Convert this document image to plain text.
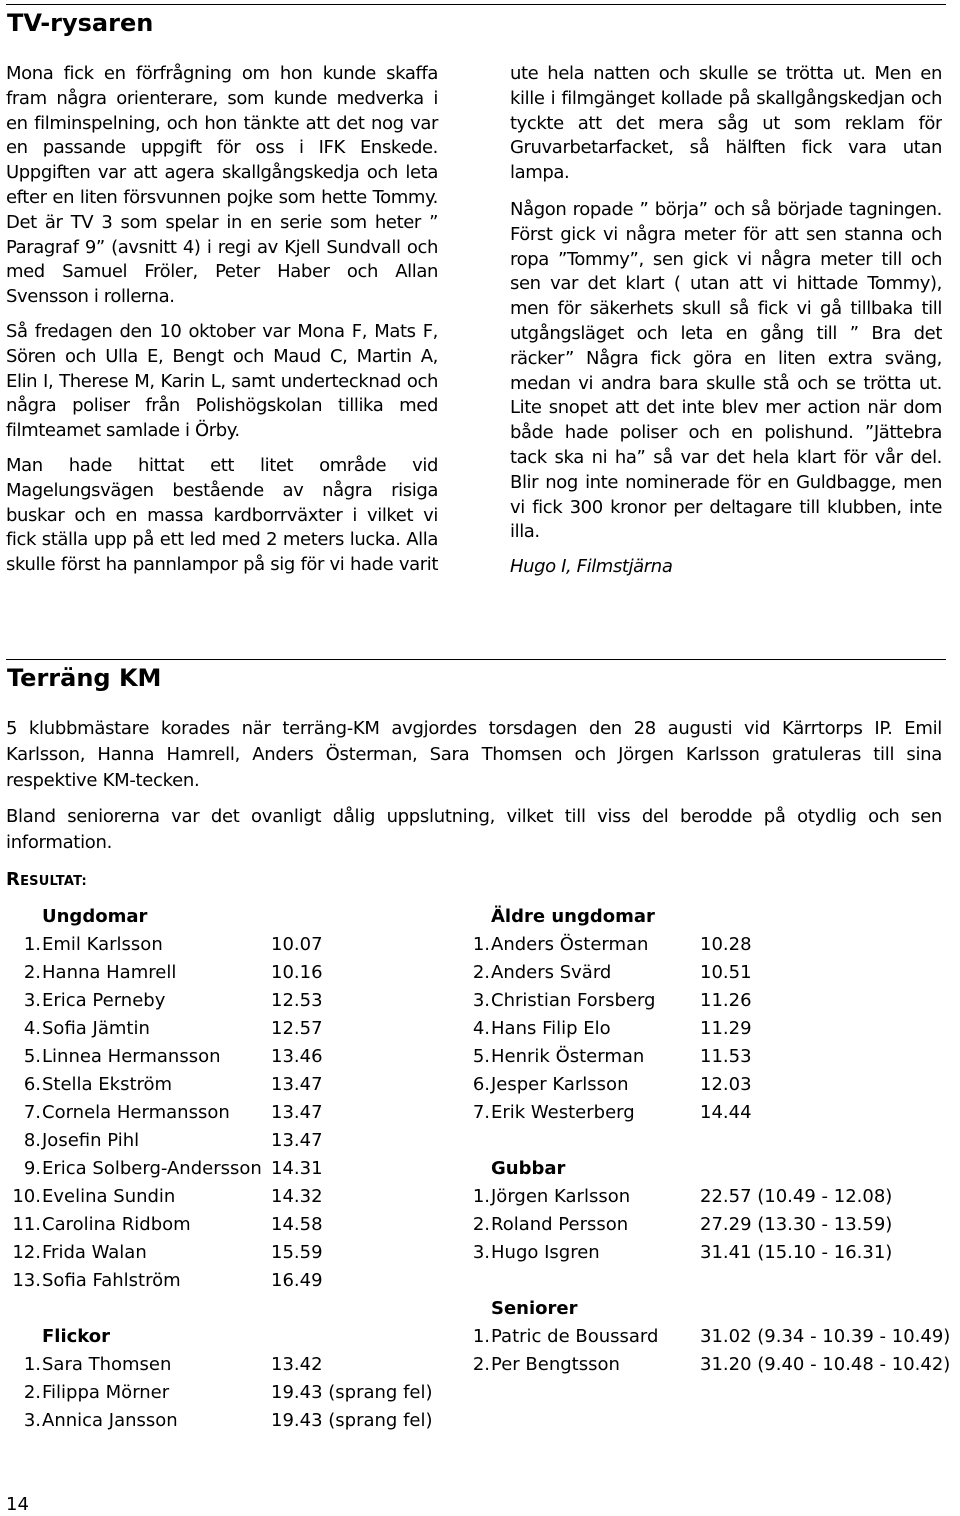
TV-rysaren

Mona fick en förfrågning om hon kunde skaffa fram några orienterare, som kunde medverka i en filminspelning, och hon tänkte att det nog var en passande uppgift för oss i IFK Enskede. Uppgiften var att agera skallgångskedja och leta efter en liten försvunnen pojke som hette Tommy. Det är TV 3 som spelar in en serie som heter ” Paragraf 9” (avsnitt 4) i regi av Kjell Sundvall och med Samuel Fröler, Peter Haber och Allan Svensson i rollerna.

Så fredagen den 10 oktober var Mona F, Mats F, Sören och Ulla E, Bengt och Maud C, Martin A, Elin I, Therese M, Karin L, samt undertecknad och några poliser från Polishögskolan tillika med filmteamet samlade i Örby.

Man hade hittat ett litet område vid Magelungsvägen bestående av några risiga buskar och en massa kardborrväxter i vilket vi fick ställa upp på ett led med 2 meters lucka. Alla skulle först ha pannlampor på sig för vi hade varit

ute hela natten och skulle se trötta ut. Men en kille i filmgänget kollade på skallgångskedjan och tyckte att det mera såg ut som reklam för Gruvarbetarfacket, så hälften fick vara utan lampa.

Någon ropade ” börja” och så började tagningen. Först gick vi några meter för att sen stanna och ropa ”Tommy”, sen gick vi några meter till och sen var det klart ( utan att vi hittade Tommy), men för säkerhets skull så fick vi gå tillbaka till utgångsläget och leta en gång till ” Bra det räcker” Några fick göra en liten extra sväng, medan vi andra bara skulle stå och se trötta ut. Lite snopet att det inte blev mer action när dom både hade poliser och en polishund. ”Jättebra tack ska ni ha” så var det hela klart för vår del. Blir nog inte nominerade för en Guldbagge, men vi fick 300 kronor per deltagare till klubben, inte illa.

Hugo I, Filmstjärna

Terräng KM

5 klubbmästare korades när terräng-KM avgjordes torsdagen den 28 augusti vid Kärrtorps IP. Emil Karlsson, Hanna Hamrell, Anders Österman, Sara Thomsen och Jörgen Karlsson gratuleras till sina respektive KM-tecken.

Bland seniorerna var det ovanligt dålig uppslutning, vilket till viss del berodde på otydlig och sen information.

RESULTAT:
Ungdomar
1. Emil Karlsson	10.07
2. Hanna Hamrell	10.16
3. Erica Perneby	12.53
4. Sofia Jämtin	12.57
5. Linnea Hermansson	13.46
6. Stella Ekström	13.47
7. Cornela Hermansson	13.47
8. Josefin Pihl	13.47
9. Erica Solberg-Andersson 14.31
10. Evelina Sundin	14.32
11. Carolina Ridbom	14.58
12. Frida Walan	15.59
13. Sofia Fahlström	16.49
Flickor
1. Sara Thomsen	13.42
2. Filippa Mörner	19.43 (sprang fel)
3. Annica Jansson	19.43 (sprang fel)
Äldre ungdomar
1. Anders Österman	10.28
2. Anders Svärd	10.51
3. Christian Forsberg	11.26
4. Hans Filip Elo	11.29
5. Henrik Österman	11.53
6. Jesper Karlsson	12.03
7. Erik Westerberg	14.44
Gubbar
1. Jörgen Karlsson	22.57 (10.49 - 12.08)
2. Roland Persson	27.29 (13.30 - 13.59)
3. Hugo Isgren	31.41 (15.10 - 16.31)
Seniorer
1. Patric de Boussard	31.02 (9.34 - 10.39 - 10.49)
2. Per Bengtsson	31.20 (9.40 - 10.48 - 10.42)
14
